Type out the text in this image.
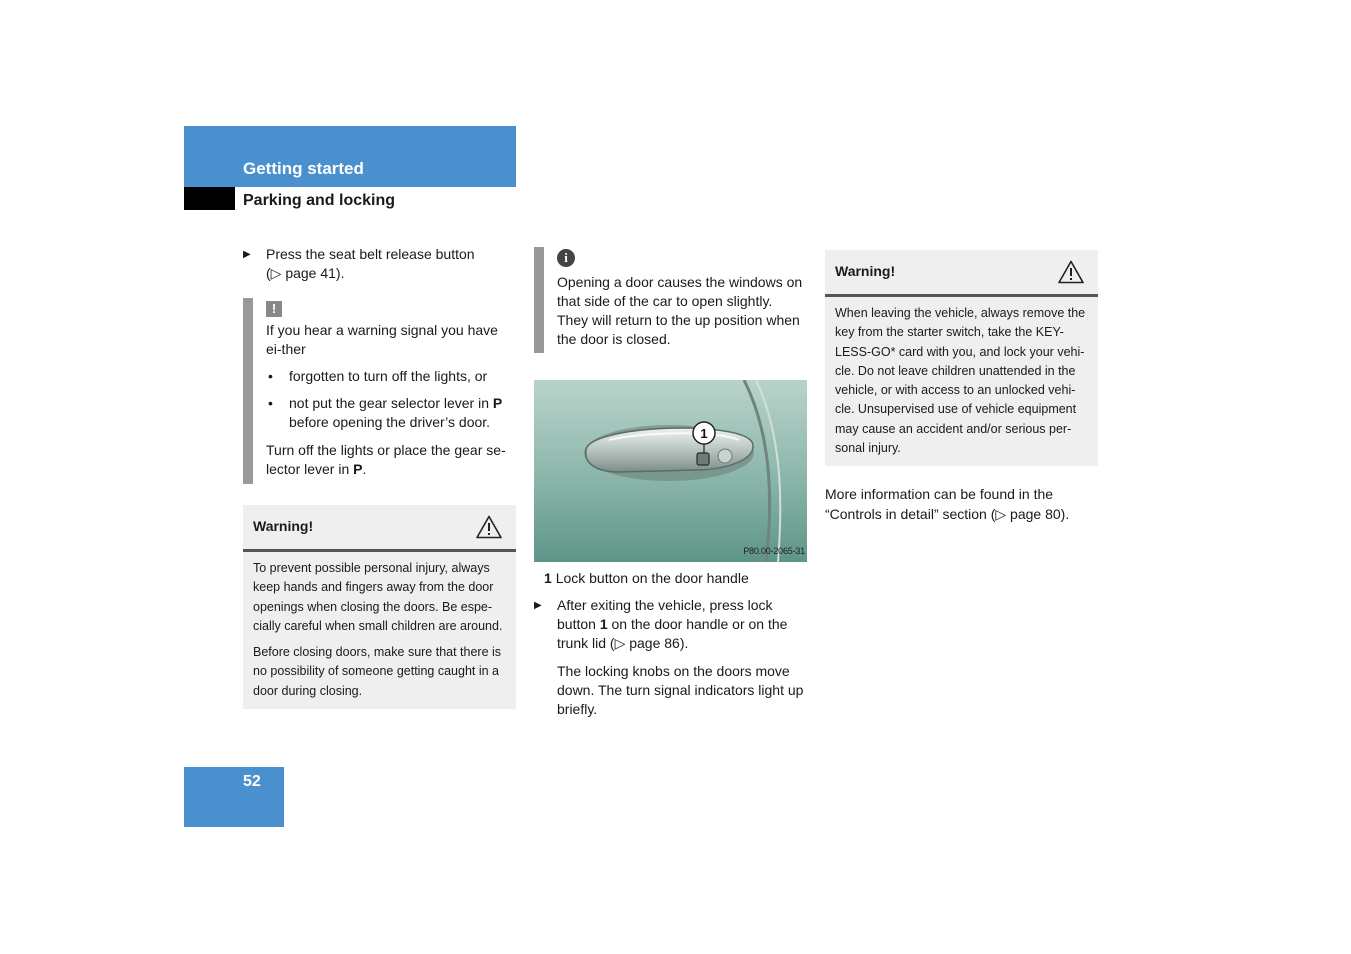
Getting started
Parking and locking
▶ Press the seat belt release button

(▷ page 41).

!

If you hear a warning signal you have ei-ther

• forgotten to turn off the lights, or
• not put the gear selector lever in P
before opening the driver’s door.

Turn off the lights or place the gear se-lector lever in P.

Warning!

To prevent possible personal injury, always keep hands and fingers away from the door openings when closing the doors. Be espe-cially careful when small children are around.

Before closing doors, make sure that there is no possibility of someone getting caught in a door during closing.

i

Opening a door causes the windows on that side of the car to open slightly. They will return to the up position when the door is closed.

1
P80.00-2065-31
1 Lock button on the door handle
▶ After exiting the vehicle, press lock button 1 on the door handle or on the trunk lid (▷ page 86).

The locking knobs on the doors move down. The turn signal indicators light up briefly.

Warning!

When leaving the vehicle, always remove the key from the starter switch, take the KEY-LESS-GO* card with you, and lock your vehi-cle. Do not leave children unattended in the vehicle, or with access to an unlocked vehi-cle. Unsupervised use of vehicle equipment may cause an accident and/or serious per-sonal injury.

More information can be found in the “Controls in detail” section (▷ page 80).

52
